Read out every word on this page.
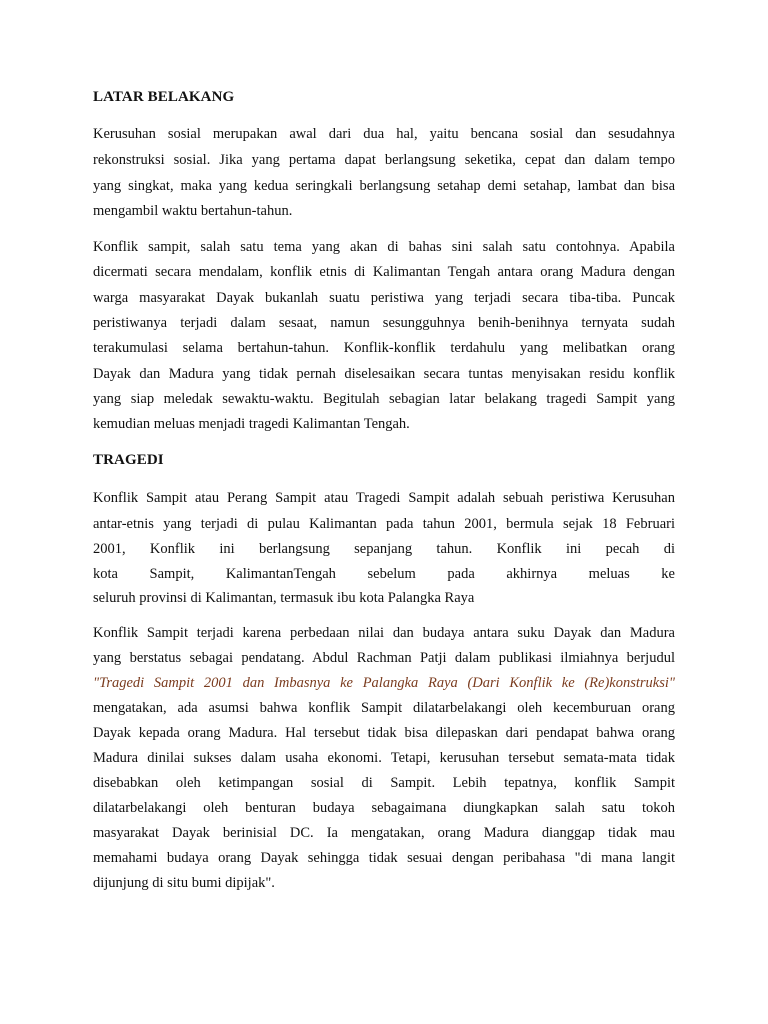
LATAR BELAKANG
Kerusuhan sosial merupakan awal dari dua hal, yaitu bencana sosial dan sesudahnya
rekonstruksi sosial. Jika yang pertama dapat berlangsung seketika, cepat dan dalam tempo
yang singkat, maka yang kedua seringkali berlangsung setahap demi setahap, lambat dan bisa
mengambil waktu bertahun-tahun.
Konflik sampit, salah satu tema yang akan di bahas sini salah satu contohnya. Apabila
dicermati secara mendalam, konflik etnis di Kalimantan Tengah antara orang Madura dengan
warga masyarakat Dayak bukanlah suatu peristiwa yang terjadi secara tiba-tiba. Puncak
peristiwanya terjadi dalam sesaat, namun sesungguhnya benih-benihnya ternyata sudah
terakumulasi selama bertahun-tahun. Konflik-konflik terdahulu yang melibatkan orang
Dayak dan Madura yang tidak pernah diselesaikan secara tuntas menyisakan residu konflik
yang siap meledak sewaktu-waktu. Begitulah sebagian latar belakang tragedi Sampit yang
kemudian meluas menjadi tragedi Kalimantan Tengah.
TRAGEDI
Konflik Sampit atau Perang Sampit atau Tragedi Sampit adalah sebuah peristiwa Kerusuhan
antar-etnis yang terjadi di pulau Kalimantan pada tahun 2001, bermula sejak 18 Februari
2001, Konflik ini berlangsung sepanjang tahun. Konflik ini pecah di
kota Sampit, KalimantanTengah sebelum pada akhirnya meluas ke
seluruh provinsi di Kalimantan, termasuk ibu kota Palangka Raya
Konflik Sampit terjadi karena perbedaan nilai dan budaya antara suku Dayak dan Madura
yang berstatus sebagai pendatang. Abdul Rachman Patji dalam publikasi ilmiahnya berjudul
"Tragedi Sampit 2001 dan Imbasnya ke Palangka Raya (Dari Konflik ke (Re)konstruksi"
mengatakan, ada asumsi bahwa konflik Sampit dilatarbelakangi oleh kecemburuan orang
Dayak kepada orang Madura. Hal tersebut tidak bisa dilepaskan dari pendapat bahwa orang
Madura dinilai sukses dalam usaha ekonomi. Tetapi, kerusuhan tersebut semata-mata tidak
disebabkan oleh ketimpangan sosial di Sampit. Lebih tepatnya, konflik Sampit
dilatarbelakangi oleh benturan budaya sebagaimana diungkapkan salah satu tokoh
masyarakat Dayak berinisial DC. Ia mengatakan, orang Madura dianggap tidak mau
memahami budaya orang Dayak sehingga tidak sesuai dengan peribahasa "di mana langit
dijunjung di situ bumi dipijak".
